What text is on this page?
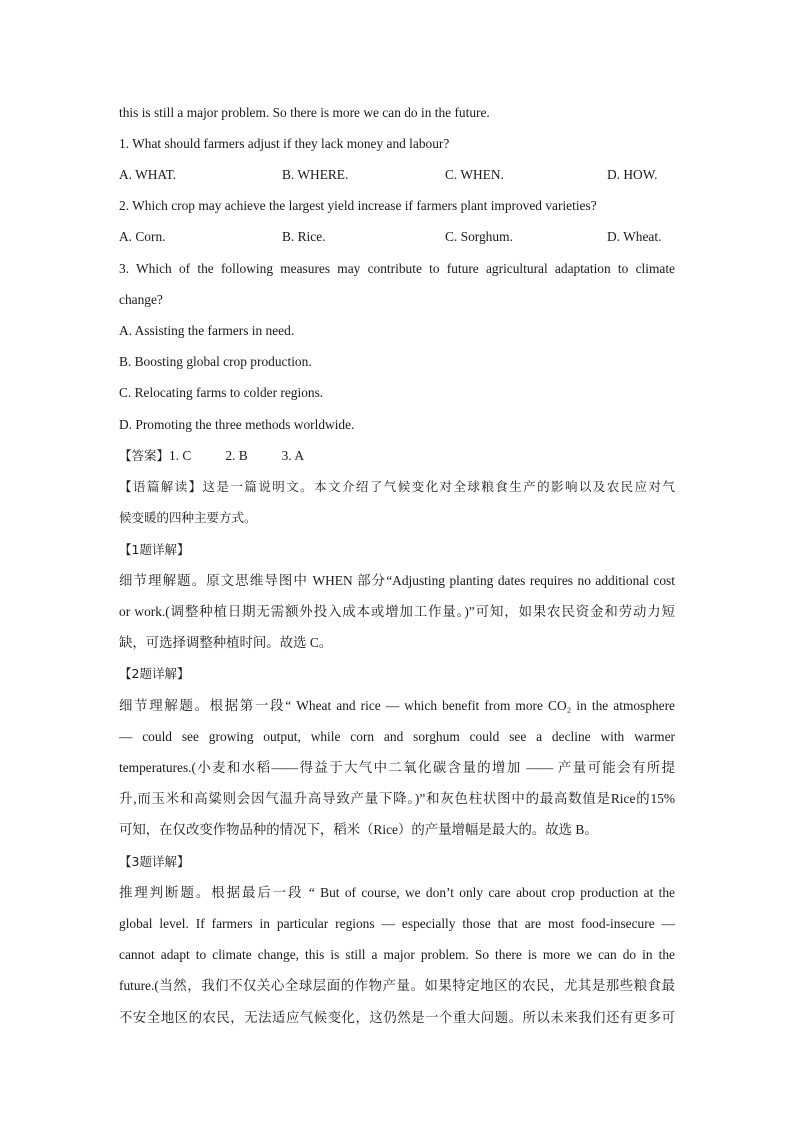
this is still a major problem. So there is more we can do in the future.
1. What should farmers adjust if they lack money and labour?
A. WHAT.	B. WHERE.	C. WHEN.	D. HOW.
2. Which crop may achieve the largest yield increase if farmers plant improved varieties?
A. Corn.	B. Rice.	C. Sorghum.	D. Wheat.
3. Which of the following measures may contribute to future agricultural adaptation to climate
change?
A. Assisting the farmers in need.
B. Boosting global crop production.
C. Relocating farms to colder regions.
D. Promoting the three methods worldwide.
【答案】1. C	2. B	3. A
【语篇解读】这是一篇说明文。本文介绍了气候变化对全球粮食生产的影响以及农民应对气
候变暖的四种主要方式。
【1题详解】
细节理解题。原文思维导图中 WHEN 部分“Adjusting planting dates requires no additional cost
or work.(调整种植日期无需额外投入成本或增加工作量。)”可知，如果农民资金和劳动力短
缺，可选择调整种植时间。故选 C。
【2题详解】
细节理解题。根据第一段“ Wheat and rice — which benefit from more CO₂ in the atmosphere
— could see growing output, while corn and sorghum could see a decline with warmer
temperatures.(小麦和水稻——得益于大气中二氧化碳含量的增加 —— 产量可能会有所提
升,而玉米和高粱则会因气温升高导致产量下降。)”和灰色柱状图中的最高数值是Rice的15%
可知，在仅改变作物品种的情况下，稻米（Rice）的产量增幅是最大的。故选 B。
【3题详解】
推理判断题。根据最后一段 “ But of course, we don’t only care about crop production at the
global level. If farmers in particular regions — especially those that are most food-insecure —
cannot adapt to climate change, this is still a major problem. So there is more we can do in the
future.(当然，我们不仅关心全球层面的作物产量。如果特定地区的农民，尤其是那些粮食最
不安全地区的农民，无法适应气候变化，这仍然是一个重大问题。所以未来我们还有更多可
